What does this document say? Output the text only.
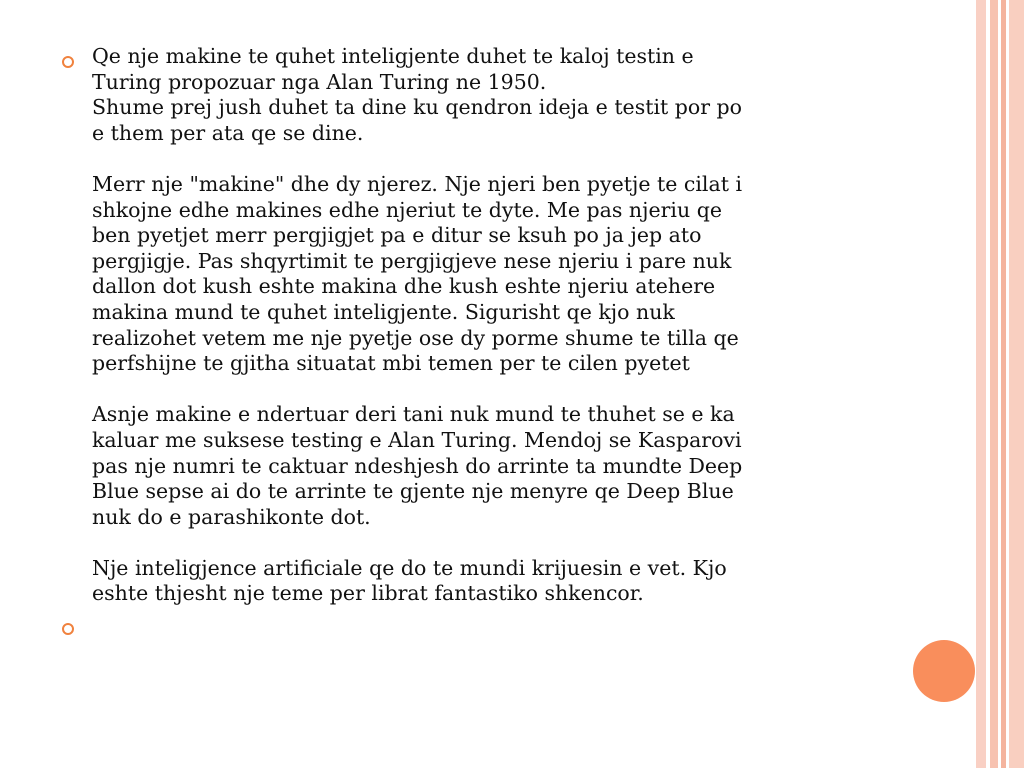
Qe nje makine te quhet inteligjente duhet te kaloj testin e
Turing propozuar nga Alan Turing ne 1950.
Shume prej jush duhet ta dine ku qendron ideja e testit por po
e them per ata qe se dine.
Merr nje "makine" dhe dy njerez. Nje njeri ben pyetje te cilat i
shkojne edhe makines edhe njeriut te dyte. Me pas njeriu qe
ben pyetjet merr pergjigjet pa e ditur se ksuh po ja jep ato
pergjigje. Pas shqyrtimit te pergjigjeve nese njeriu i pare nuk
dallon dot kush eshte makina dhe kush eshte njeriu atehere
makina mund te quhet inteligjente. Sigurisht qe kjo nuk
realizohet vetem me nje pyetje ose dy porme shume te tilla qe
perfshijne te gjitha situatat mbi temen per te cilen pyetet
Asnje makine e ndertuar deri tani nuk mund te thuhet se e ka
kaluar me suksese testing e Alan Turing. Mendoj se Kasparovi
pas nje numri te caktuar ndeshjesh do arrinte ta mundte Deep
Blue sepse ai do te arrinte te gjente nje menyre qe Deep Blue
nuk do e parashikonte dot.
Nje inteligjence artificiale qe do te mundi krijuesin e vet. Kjo
eshte thjesht nje teme per librat fantastiko shkencor.
